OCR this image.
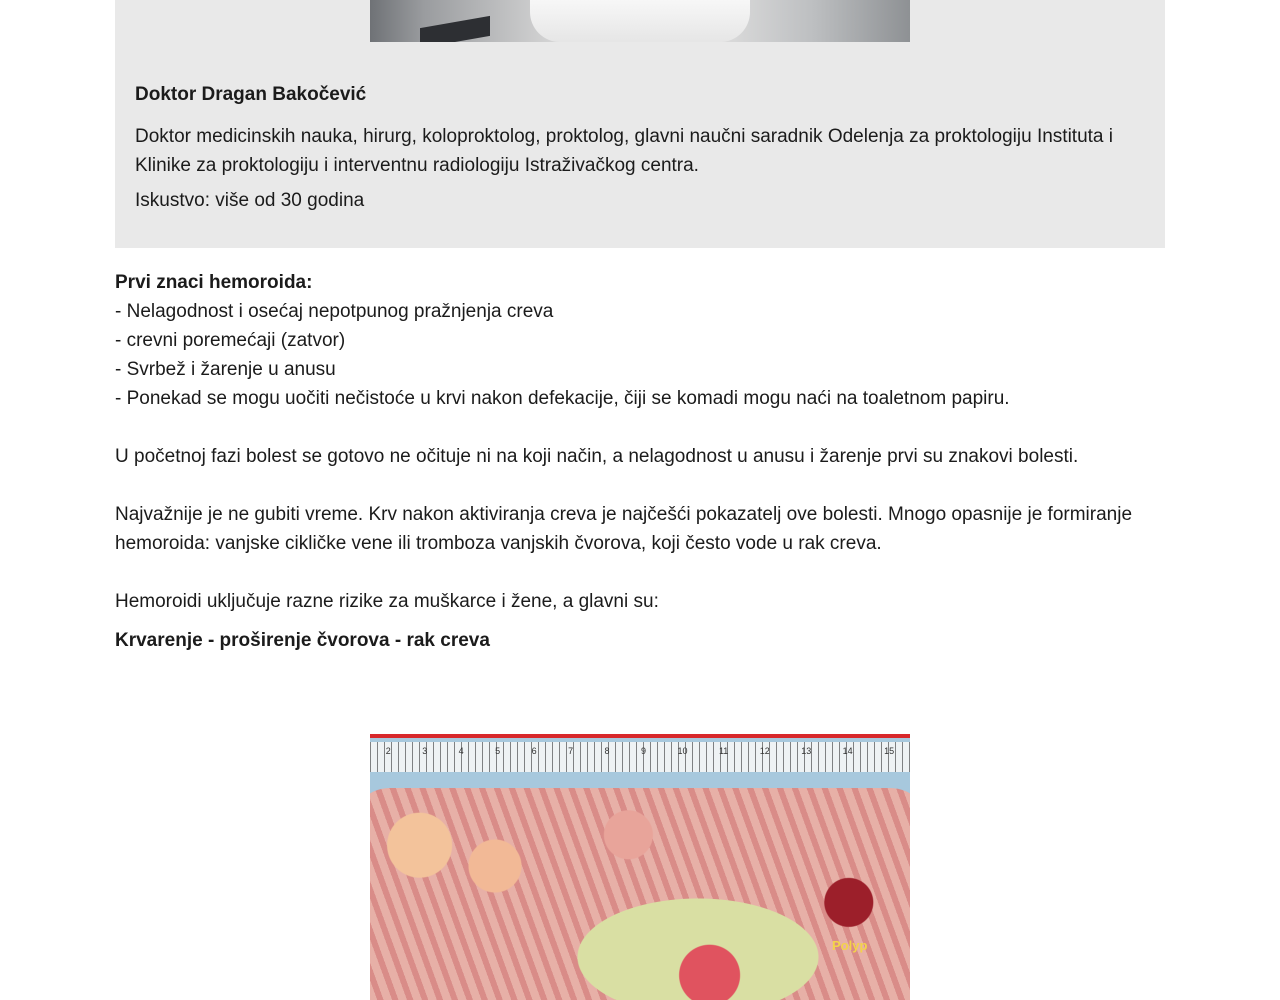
Doktor Dragan Bakočević

Doktor medicinskih nauka, hirurg, koloproktolog, proktolog, glavni naučni saradnik Odelenja za proktologiju Instituta i Klinike za proktologiju i interventnu radiologiju Istraživačkog centra.

Iskustvo: više od 30 godina

Prvi znaci hemoroida:

- Nelagodnost i osećaj nepotpunog pražnjenja creva
- crevni poremećaji (zatvor)
- Svrbež i žarenje u anusu
- Ponekad se mogu uočiti nečistoće u krvi nakon defekacije, čiji se komadi mogu naći na toaletnom papiru.

U početnoj fazi bolest se gotovo ne očituje ni na koji način, a nelagodnost u anusu i žarenje prvi su znakovi bolesti.

Najvažnije je ne gubiti vreme. Krv nakon aktiviranja creva je najčešći pokazatelj ove bolesti. Mnogo opasnije je formiranje hemoroida: vanjske cikličke vene ili tromboza vanjskih čvorova, koji često vode u rak creva.

Hemoroidi uključuje razne rizike za muškarce i žene, a glavni su:

Krvarenje - proširenje čvorova - rak creva

2	3	4	5	6	7	8	9	10	11	12	13	14	15
Polyp
